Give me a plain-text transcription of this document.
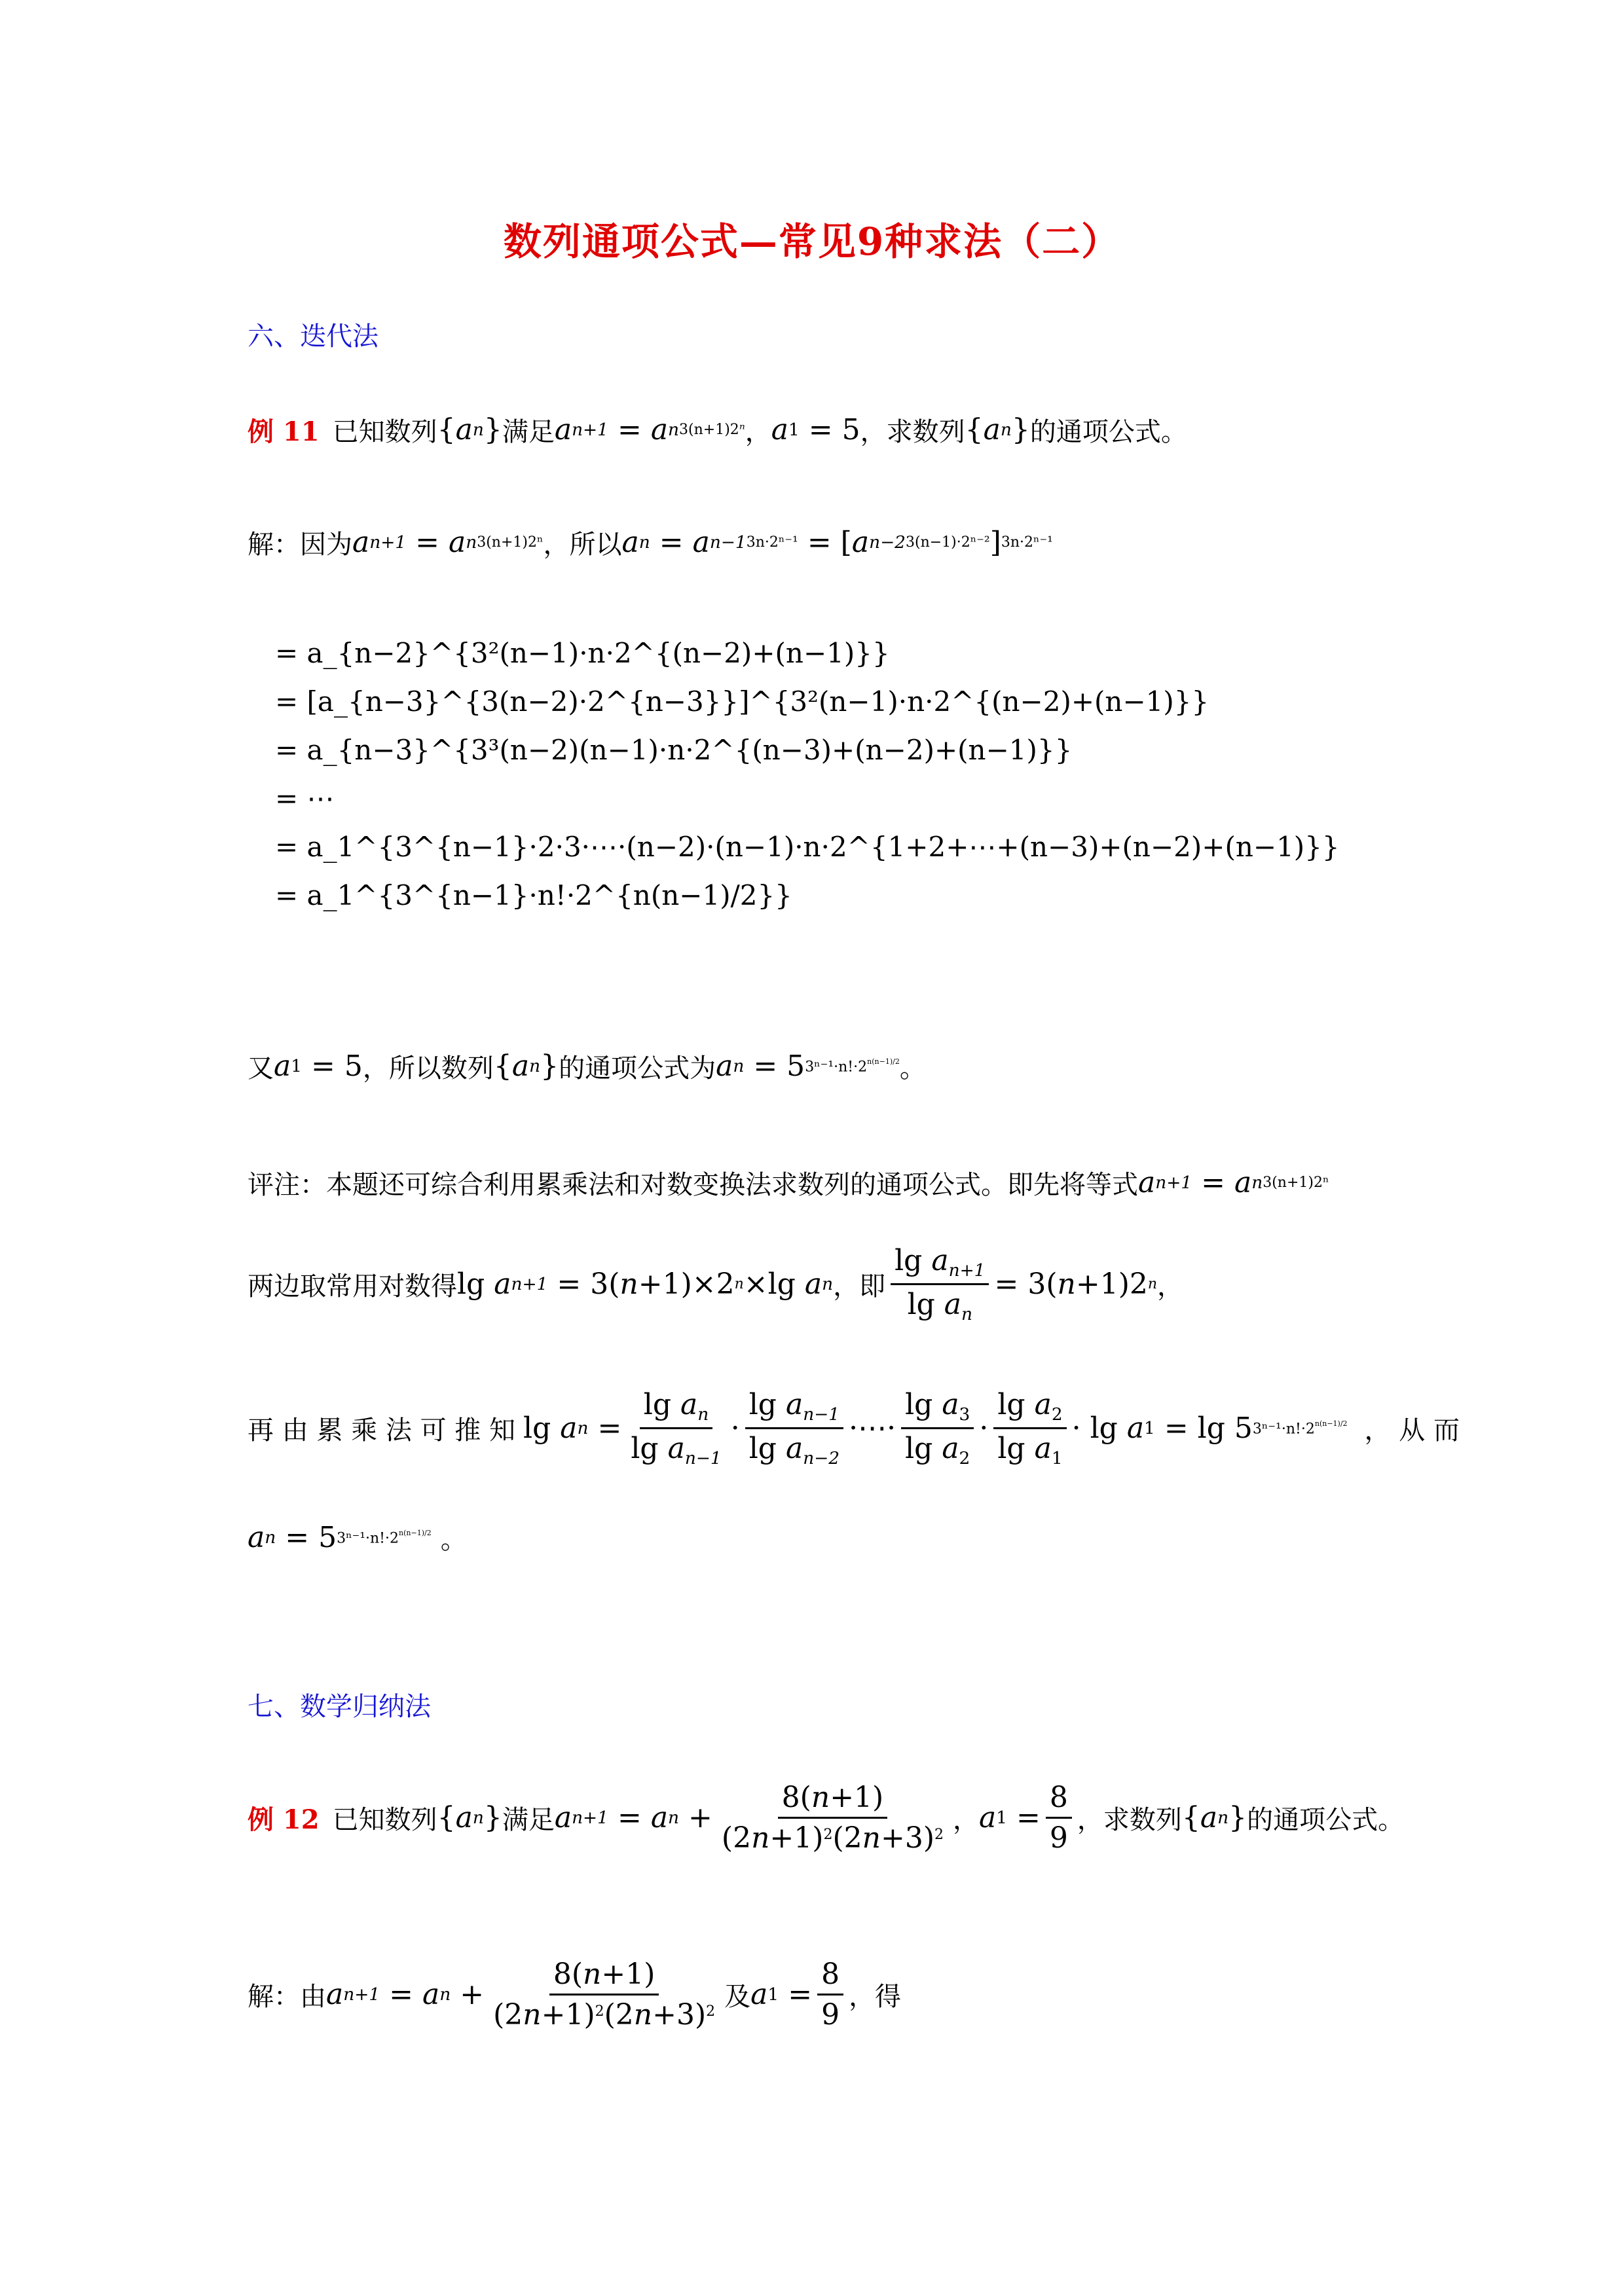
数列通项公式—常见9种求法（二）
六、迭代法
例 11 已知数列 { a n } 满足 a n+1 = a n 3(n+1)2ⁿ ， a 1 = 5 ，求数列 { a n } 的通项公式。
解：因为 a n+1 = a n 3(n+1)2ⁿ ，所以 a n = a n−1 3n·2ⁿ⁻¹ = [ a n−2 3(n−1)·2ⁿ⁻² ] 3n·2ⁿ⁻¹
= a_{n−2}^{3²(n−1)·n·2^{(n−2)+(n−1)}}
= [a_{n−3}^{3(n−2)·2^{n−3}}]^{3²(n−1)·n·2^{(n−2)+(n−1)}}
= a_{n−3}^{3³(n−2)(n−1)·n·2^{(n−3)+(n−2)+(n−1)}}
= ⋯
= a_1^{3^{n−1}·2·3·⋯·(n−2)·(n−1)·n·2^{1+2+⋯+(n−3)+(n−2)+(n−1)}}
= a_1^{3^{n−1}·n!·2^{n(n−1)/2}}
又 a 1 = 5 ，所以数列 { a n } 的通项公式为 a n = 5 $3^{n-1}\cdot n!\cdot 2^{n(n-1)/2}$ 。
评注：本题还可综合利用累乘法和对数变换法求数列的通项公式。即先将等式 a n+1 = a n 3(n+1)2ⁿ
两边取常用对数得 lg a n+1 = 3( n +1)×2 n ×lg a n ，即 $\frac{\lg a_{n+1}}{\lg a_n} = 3$( n +1)2 n ，
再 由 累 乘 法 可 推 知 lg a $n = \frac{\lg a_n}{\lg a_{n-1}} \cdot \frac{\lg a_{n-1}}{\lg a_{n-2}}$ ·⋯· $\frac{\lg a_3}{\lg a_2} \cdot \frac{\lg a_2}{\lg a_1} \cdot \lg a$ 1 = lg 5 $3^{n-1}\cdot n!\cdot 2^{n(n-1)/2}$ ， 从 而
a n = 5 $3^{n-1}\cdot n!\cdot 2^{n(n-1)/2}$ 。
七、数学归纳法
例 12 已知数列 { a n } 满足 a n+1 = a $n + \frac{8(n+1)}{(2n+1)^2(2n+3)^2}$ ， a $1 = \frac{8}{9}$ ，求数列 { a n } 的通项公式。
解：由 a n+1 = a $n + \frac{8(n+1)}{(2n+1)^2(2n+3)^2}$ 及 a $1 = \frac{8}{9}$ ，得
